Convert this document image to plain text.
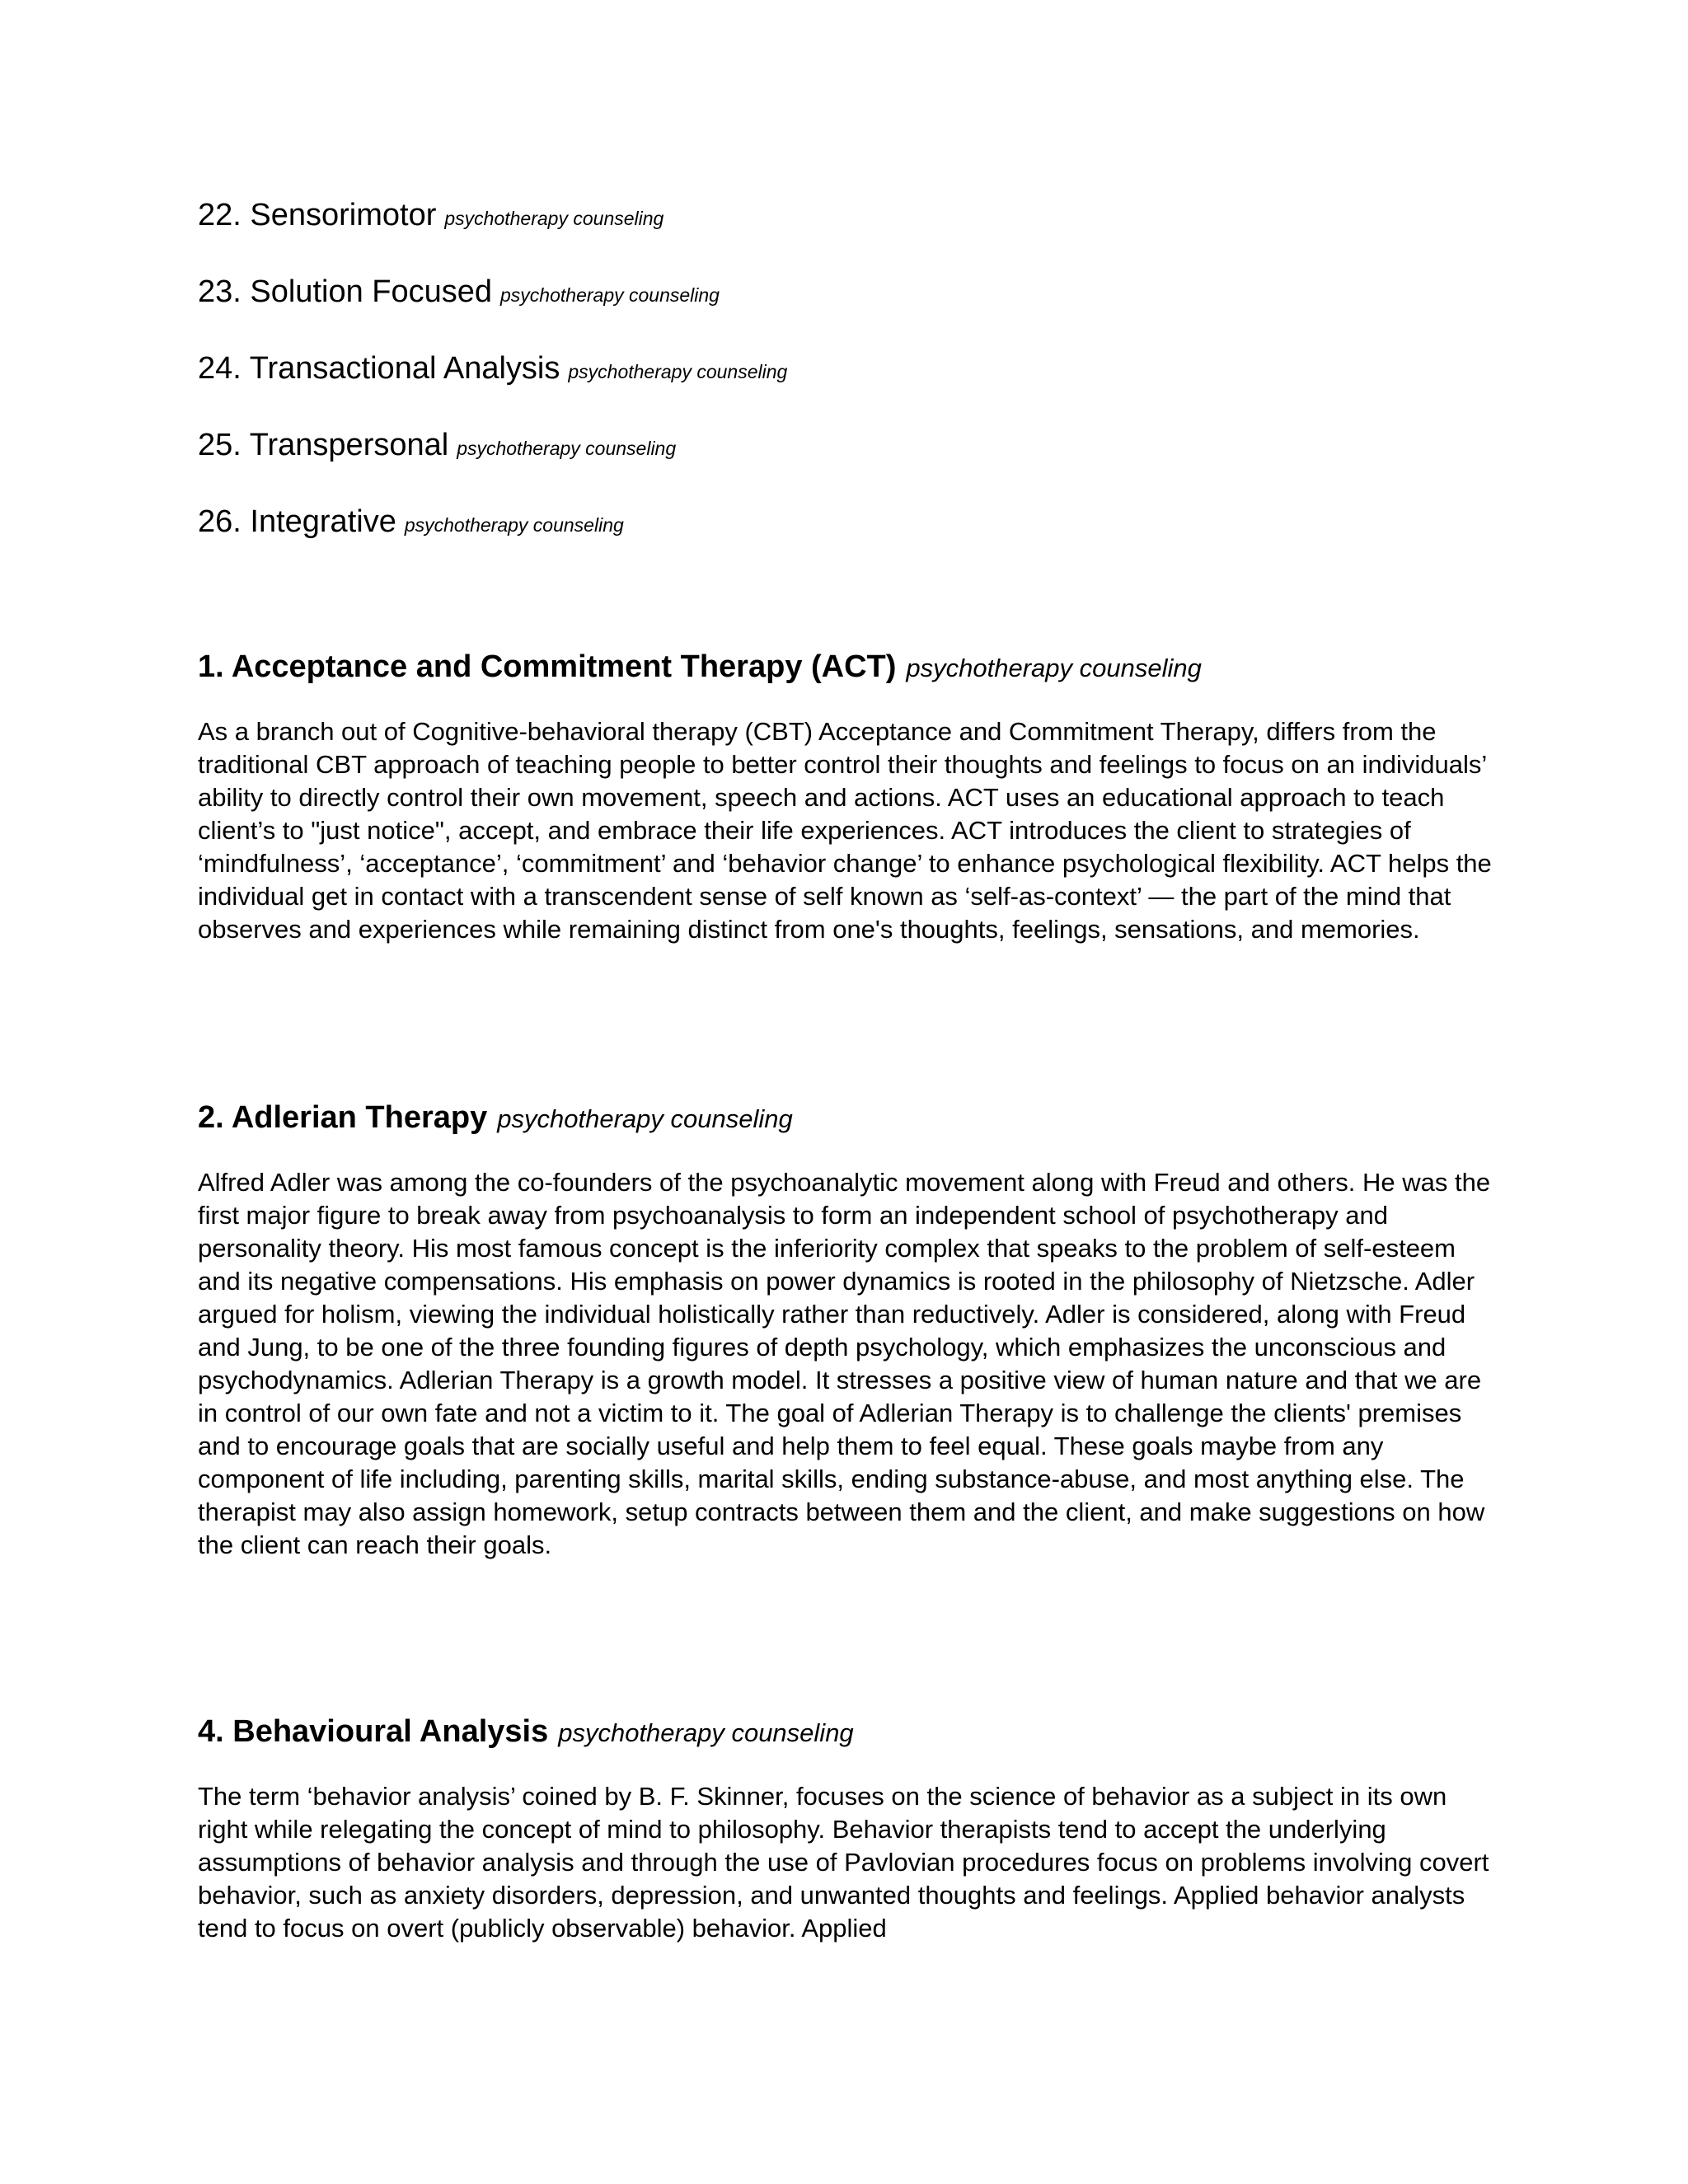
22. Sensorimotor psychotherapy counseling
23. Solution Focused psychotherapy counseling
24. Transactional Analysis psychotherapy counseling
25. Transpersonal psychotherapy counseling
26. Integrative psychotherapy counseling
1. Acceptance and Commitment Therapy (ACT) psychotherapy counseling

As a branch out of Cognitive-behavioral therapy (CBT) Acceptance and Commitment Therapy, differs from the traditional CBT approach of teaching people to better control their thoughts and feelings to focus on an individuals’ ability to directly control their own movement, speech and actions. ACT uses an educational approach to teach client’s to "just notice", accept, and embrace their life experiences. ACT introduces the client to strategies of ‘mindfulness’, ‘acceptance’, ‘commitment’ and ‘behavior change’ to enhance psychological flexibility. ACT helps the individual get in contact with a transcendent sense of self known as ‘self-as-context’ — the part of the mind that observes and experiences while remaining distinct from one's thoughts, feelings, sensations, and memories.

2. Adlerian Therapy psychotherapy counseling

Alfred Adler was among the co-founders of the psychoanalytic movement along with Freud and others. He was the first major figure to break away from psychoanalysis to form an independent school of psychotherapy and personality theory. His most famous concept is the inferiority complex that speaks to the problem of self-esteem and its negative compensations. His emphasis on power dynamics is rooted in the philosophy of Nietzsche. Adler argued for holism, viewing the individual holistically rather than reductively. Adler is considered, along with Freud and Jung, to be one of the three founding figures of depth psychology, which emphasizes the unconscious and psychodynamics. Adlerian Therapy is a growth model. It stresses a positive view of human nature and that we are in control of our own fate and not a victim to it. The goal of Adlerian Therapy is to challenge the clients' premises and to encourage goals that are socially useful and help them to feel equal. These goals maybe from any component of life including, parenting skills, marital skills, ending substance-abuse, and most anything else. The therapist may also assign homework, setup contracts between them and the client, and make suggestions on how the client can reach their goals.

4. Behavioural Analysis psychotherapy counseling

The term ‘behavior analysis’ coined by B. F. Skinner, focuses on the science of behavior as a subject in its own right while relegating the concept of mind to philosophy. Behavior therapists tend to accept the underlying assumptions of behavior analysis and through the use of Pavlovian procedures focus on problems involving covert behavior, such as anxiety disorders, depression, and unwanted thoughts and feelings. Applied behavior analysts tend to focus on overt (publicly observable) behavior. Applied
